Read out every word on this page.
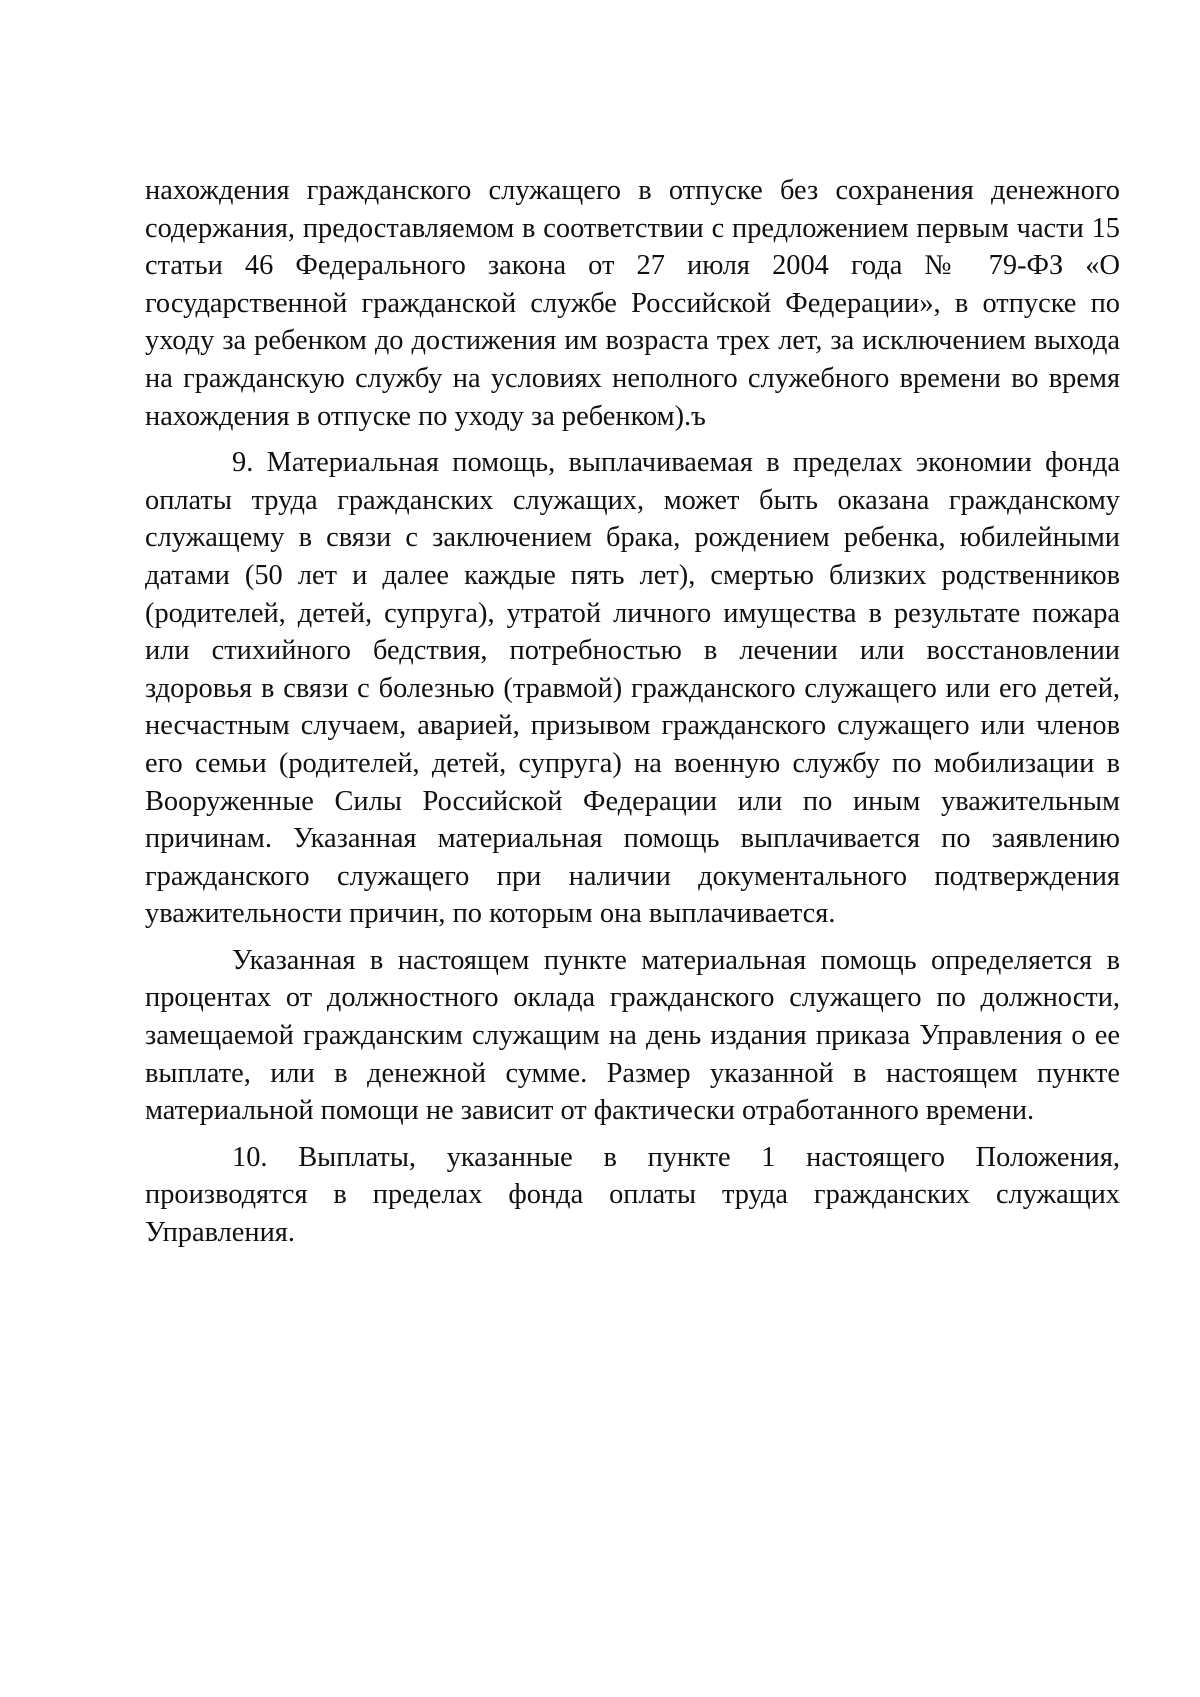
нахождения гражданского служащего в отпуске без сохранения денежного содержания, предоставляемом в соответствии с предложением первым части 15 статьи 46 Федерального закона от 27 июля 2004 года № 79-ФЗ «О государственной гражданской службе Российской Федерации», в отпуске по уходу за ребенком до достижения им возраста трех лет, за исключением выхода на гражданскую службу на условиях неполного служебного времени во время нахождения в отпуске по уходу за ребенком).ъ

9. Материальная помощь, выплачиваемая в пределах экономии фонда оплаты труда гражданских служащих, может быть оказана гражданскому служащему в связи с заключением брака, рождением ребенка, юбилейными датами (50 лет и далее каждые пять лет), смертью близких родственников (родителей, детей, супруга), утратой личного имущества в результате пожара или стихийного бедствия, потребностью в лечении или восстановлении здоровья в связи с болезнью (травмой) гражданского служащего или его детей, несчастным случаем, аварией, призывом гражданского служащего или членов его семьи (родителей, детей, супруга) на военную службу по мобилизации в Вооруженные Силы Российской Федерации или по иным уважительным причинам. Указанная материальная помощь выплачивается по заявлению гражданского служащего при наличии документального подтверждения уважительности причин, по которым она выплачивается.

Указанная в настоящем пункте материальная помощь определяется в процентах от должностного оклада гражданского служащего по должности, замещаемой гражданским служащим на день издания приказа Управления о ее выплате, или в денежной сумме. Размер указанной в настоящем пункте материальной помощи не зависит от фактически отработанного времени.

10. Выплаты, указанные в пункте 1 настоящего Положения, производятся в пределах фонда оплаты труда гражданских служащих Управления.
